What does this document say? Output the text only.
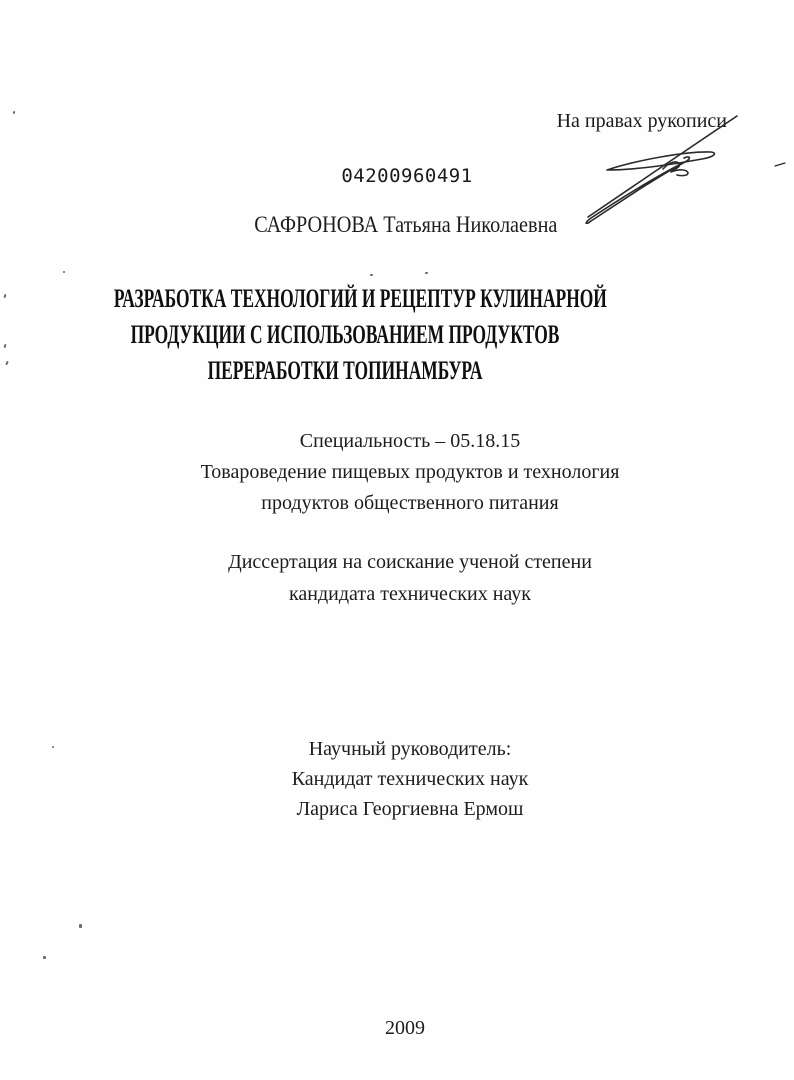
На правах рукописи
04200960491
САФРОНОВА Татьяна Николаевна
РАЗРАБОТКА ТЕХНОЛОГИЙ И РЕЦЕПТУР КУЛИНАРНОЙ
ПРОДУКЦИИ С ИСПОЛЬЗОВАНИЕМ ПРОДУКТОВ
ПЕРЕРАБОТКИ ТОПИНАМБУРА
Специальность – 05.18.15
Товароведение пищевых продуктов и технология
продуктов общественного питания
Диссертация на соискание ученой степени
кандидата технических наук
Научный руководитель:
Кандидат технических наук
Лариса Георгиевна Ермош
2009
